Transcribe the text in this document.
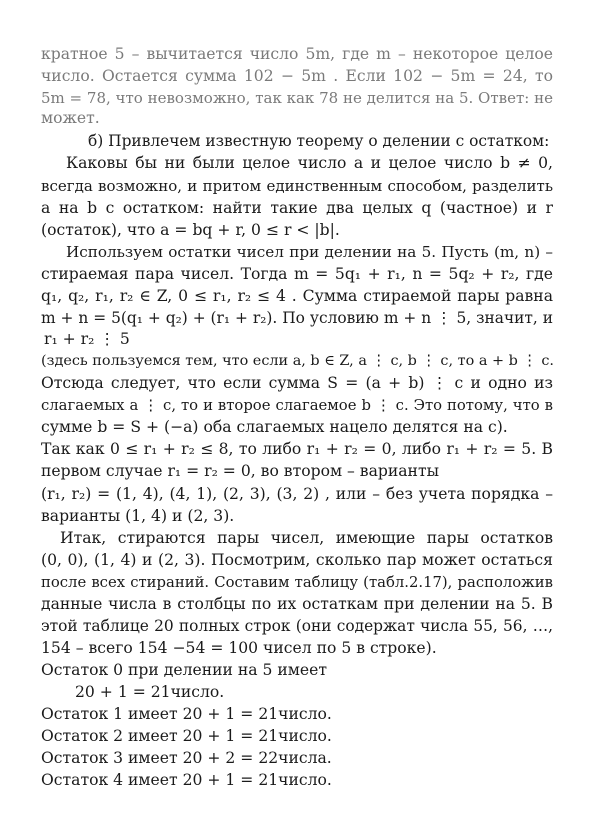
кратное 5 – вычитается число 5m, где m – некоторое целое
число. Остается сумма 102 − 5m . Если 102 − 5m = 24, то
5m = 78, что невозможно, так как 78 не делится на 5. Ответ: не
может.
б) Привлечем известную теорему о делении с остатком:
Каковы бы ни были целое число a и целое число b ≠ 0,
всегда возможно, и притом единственным способом, разделить
a на b с остатком: найти такие два целых q (частное) и r
(остаток), что a = bq + r, 0 ≤ r < |b|.
Используем остатки чисел при делении на 5. Пусть (m, n) –
стираемая пара чисел. Тогда m = 5q₁ + r₁, n = 5q₂ + r₂, где
q₁, q₂, r₁, r₂ ∈ Z, 0 ≤ r₁, r₂ ≤ 4 . Сумма стираемой пары равна
m + n = 5(q₁ + q₂) + (r₁ + r₂). По условию m + n ⋮ 5, значит, и
r₁ + r₂ ⋮ 5
(здесь пользуемся тем, что если a, b ∈ Z, a ⋮ c, b ⋮ c, то a + b ⋮ c.
Отсюда следует, что если сумма S = (a + b) ⋮ c и одно из
слагаемых a ⋮ c, то и второе слагаемое b ⋮ c. Это потому, что в
сумме b = S + (−a) оба слагаемых нацело делятся на c).
Так как 0 ≤ r₁ + r₂ ≤ 8, то либо r₁ + r₂ = 0, либо r₁ + r₂ = 5. В
первом случае r₁ = r₂ = 0, во втором – варианты
(r₁, r₂) = (1, 4), (4, 1), (2, 3), (3, 2) , или – без учета порядка –
варианты (1, 4) и (2, 3).
Итак, стираются пары чисел, имеющие пары остатков
(0, 0), (1, 4) и (2, 3). Посмотрим, сколько пар может остаться
после всех стираний. Составим таблицу (табл.2.17), расположив
данные числа в столбцы по их остаткам при делении на 5. В
этой таблице 20 полных строк (они содержат числа 55, 56, …,
154 – всего 154 −54 = 100 чисел по 5 в строке).
Остаток 0 при делении на 5 имеет
20 + 1 = 21число.
Остаток 1 имеет 20 + 1 = 21число.
Остаток 2 имеет 20 + 1 = 21число.
Остаток 3 имеет 20 + 2 = 22числа.
Остаток 4 имеет 20 + 1 = 21число.
